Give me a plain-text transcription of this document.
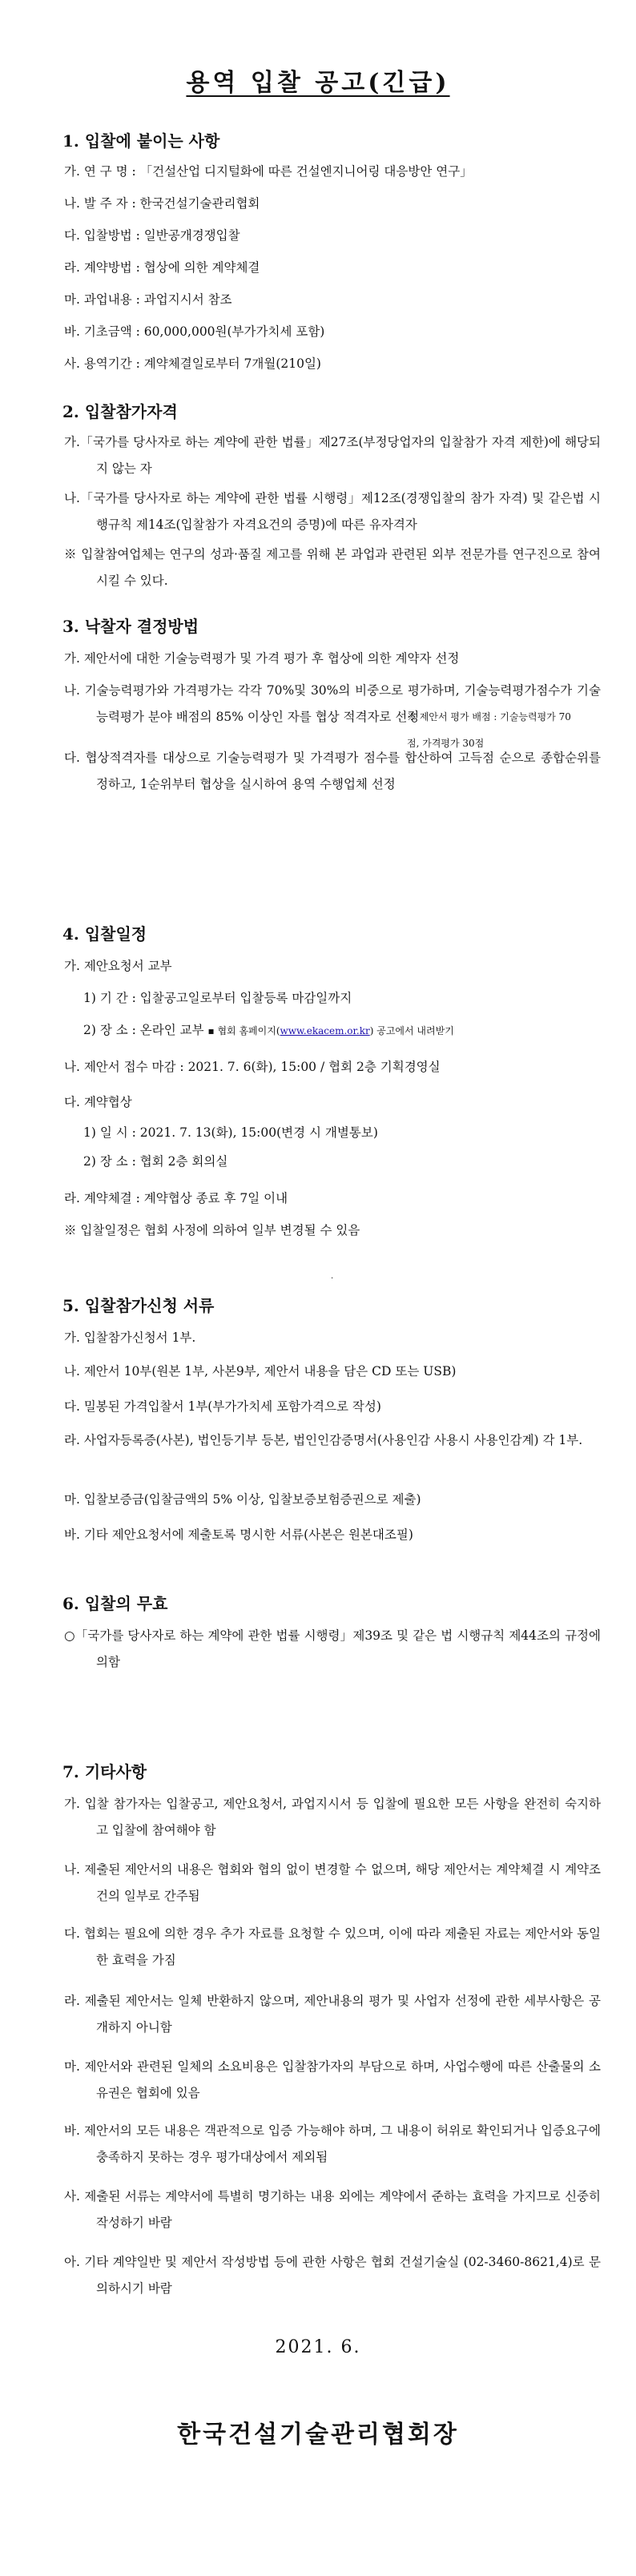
용역 입찰 공고(긴급)
1. 입찰에 붙이는 사항
가. 연 구 명 : 「건설산업 디지털화에 따른 건설엔지니어링 대응방안 연구」
나. 발 주 자 : 한국건설기술관리협회
다. 입찰방법 : 일반공개경쟁입찰
라. 계약방법 : 협상에 의한 계약체결
마. 과업내용 : 과업지시서 참조
바. 기초금액 : 60,000,000원(부가가치세 포함)
사. 용역기간 : 계약체결일로부터 7개월(210일)
2. 입찰참가자격
가.「국가를 당사자로 하는 계약에 관한 법률」제27조(부정당업자의 입찰참가 자격 제한)에 해당되지 않는 자
나.「국가를 당사자로 하는 계약에 관한 법률 시행령」제12조(경쟁입찰의 참가 자격) 및 같은법 시행규칙 제14조(입찰참가 자격요건의 증명)에 따른 유자격자
※ 입찰참여업체는 연구의 성과·품질 제고를 위해 본 과업과 관련된 외부 전문가를 연구진으로 참여시킬 수 있다.
3. 낙찰자 결정방법
가. 제안서에 대한 기술능력평가 및 가격 평가 후 협상에 의한 계약자 선정
나. 기술능력평가와 가격평가는 각각 70%및 30%의 비중으로 평가하며, 기술능력평가점수가 기술능력평가 분야 배점의 85% 이상인 자를 협상 적격자로 선정
※ 제안서 평가 배점 : 기술능력평가 70점, 가격평가 30점
다. 협상적격자를 대상으로 기술능력평가 및 가격평가 점수를 합산하여 고득점 순으로 종합순위를 정하고, 1순위부터 협상을 실시하여 용역 수행업체 선정
4. 입찰일정
가. 제안요청서 교부
1) 기 간 : 입찰공고일로부터 입찰등록 마감일까지
2) 장 소 : 온라인 교부 ▪ 협회 홈페이지(www.ekacem.or.kr) 공고에서 내려받기
나. 제안서 접수 마감 : 2021. 7. 6(화), 15:00 / 협회 2층 기획경영실
다. 계약협상
1) 일 시 : 2021. 7. 13(화), 15:00(변경 시 개별통보)
2) 장 소 : 협회 2층 회의실
라. 계약체결 : 계약협상 종료 후 7일 이내
※ 입찰일정은 협회 사정에 의하여 일부 변경될 수 있음
.
5. 입찰참가신청 서류
가. 입찰참가신청서 1부.
나. 제안서 10부(원본 1부, 사본9부, 제안서 내용을 담은 CD 또는 USB)
다. 밀봉된 가격입찰서 1부(부가가치세 포함가격으로 작성)
라. 사업자등록증(사본), 법인등기부 등본, 법인인감증명서(사용인감 사용시 사용인감계) 각 1부.
마. 입찰보증금(입찰금액의 5% 이상, 입찰보증보험증권으로 제출)
바. 기타 제안요청서에 제출토록 명시한 서류(사본은 원본대조필)
6. 입찰의 무효
○「국가를 당사자로 하는 계약에 관한 법률 시행령」제39조 및 같은 법 시행규칙 제44조의 규정에 의함
7. 기타사항
가. 입찰 참가자는 입찰공고, 제안요청서, 과업지시서 등 입찰에 필요한 모든 사항을 완전히 숙지하고 입찰에 참여해야 함
나. 제출된 제안서의 내용은 협회와 협의 없이 변경할 수 없으며, 해당 제안서는 계약체결 시 계약조건의 일부로 간주됨
다. 협회는 필요에 의한 경우 추가 자료를 요청할 수 있으며, 이에 따라 제출된 자료는 제안서와 동일한 효력을 가짐
라. 제출된 제안서는 일체 반환하지 않으며, 제안내용의 평가 및 사업자 선정에 관한 세부사항은 공개하지 아니함
마. 제안서와 관련된 일체의 소요비용은 입찰참가자의 부담으로 하며, 사업수행에 따른 산출물의 소유권은 협회에 있음
바. 제안서의 모든 내용은 객관적으로 입증 가능해야 하며, 그 내용이 허위로 확인되거나 입증요구에 충족하지 못하는 경우 평가대상에서 제외됨
사. 제출된 서류는 계약서에 특별히 명기하는 내용 외에는 계약에서 준하는 효력을 가지므로 신중히 작성하기 바람
아. 기타 계약일반 및 제안서 작성방법 등에 관한 사항은 협회 건설기술실 (02-3460-8621,4)로 문의하시기 바람
2021. 6.
한국건설기술관리협회장
